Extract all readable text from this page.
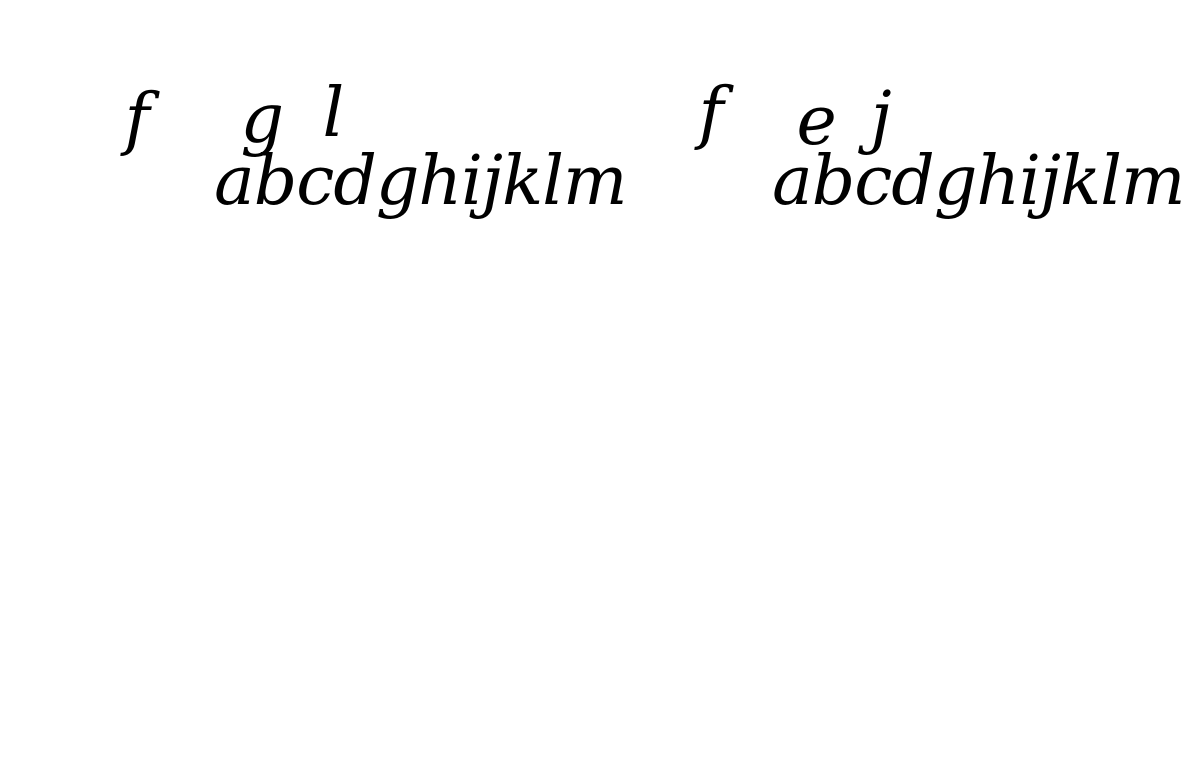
abcdghijklm

f

g

l

abcdghijklm

f

e

j
